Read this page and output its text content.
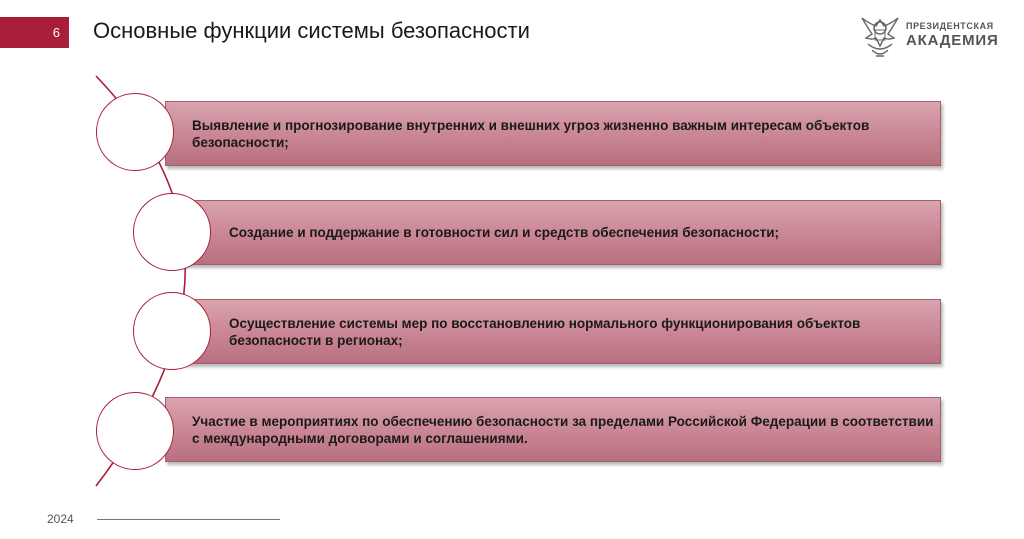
6 Основные функции системы безопасности	ПРЕЗИДЕНТСКАЯ
АКАДЕМИЯ
Выявление и прогнозирование внутренних и внешних угроз жизненно важным интересам объектов безопасности;
Создание и поддержание в готовности сил и средств обеспечения безопасности;
Осуществление системы мер по восстановлению нормального функционирования объектов безопасности в регионах;
Участие в мероприятиях по обеспечению безопасности за пределами Российской Федерации в соответствии с международными договорами и соглашениями.
2024
